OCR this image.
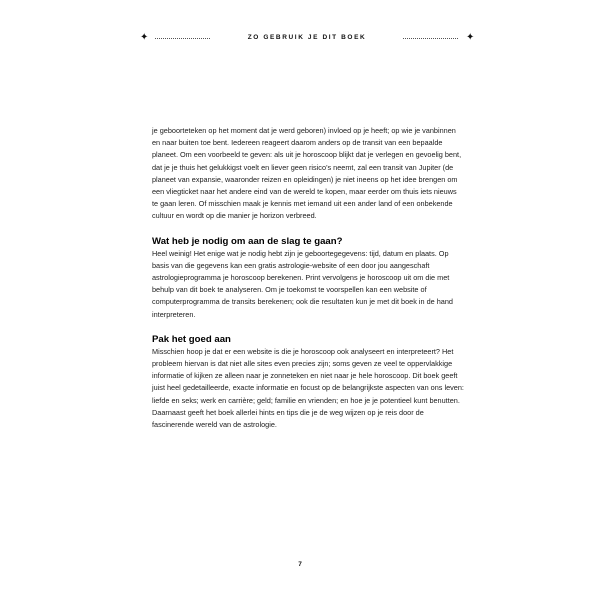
✦	ZO GEBRUIK JE DIT BOEK	✦

je geboorteteken op het moment dat je werd geboren) invloed op je heeft; op wie je vanbinnen en naar buiten toe bent. Iedereen reageert daarom anders op de transit van een bepaalde planeet. Om een voorbeeld te geven: als uit je horoscoop blijkt dat je verlegen en gevoelig bent, dat je je thuis het gelukkigst voelt en liever geen risico’s neemt, zal een transit van Jupiter (de planeet van expansie, waaronder reizen en opleidingen) je niet ineens op het idee brengen om een vliegticket naar het andere eind van de wereld te kopen, maar eerder om thuis iets nieuws te gaan leren. Of misschien maak je kennis met iemand uit een ander land of een onbekende cultuur en wordt op die manier je horizon verbreed.

Wat heb je nodig om aan de slag te gaan?

Heel weinig! Het enige wat je nodig hebt zijn je geboortegegevens: tijd, datum en plaats. Op basis van die gegevens kan een gratis astrologie-website of een door jou aangeschaft astrologieprogramma je horoscoop berekenen. Print vervolgens je horoscoop uit om die met behulp van dit boek te analyseren. Om je toekomst te voorspellen kan een website of computerprogramma de transits berekenen; ook die resultaten kun je met dit boek in de hand interpreteren.

Pak het goed aan

Misschien hoop je dat er een website is die je horoscoop ook analyseert en interpreteert? Het probleem hiervan is dat niet alle sites even precies zijn; soms geven ze veel te oppervlakkige informatie of kijken ze alleen naar je zonneteken en niet naar je hele horoscoop. Dit boek geeft juist heel gedetailleerde, exacte informatie en focust op de belangrijkste aspecten van ons leven: liefde en seks; werk en carrière; geld; familie en vrienden; en hoe je je potentieel kunt benutten. Daarnaast geeft het boek allerlei hints en tips die je de weg wijzen op je reis door de fascinerende wereld van de astrologie.

7
